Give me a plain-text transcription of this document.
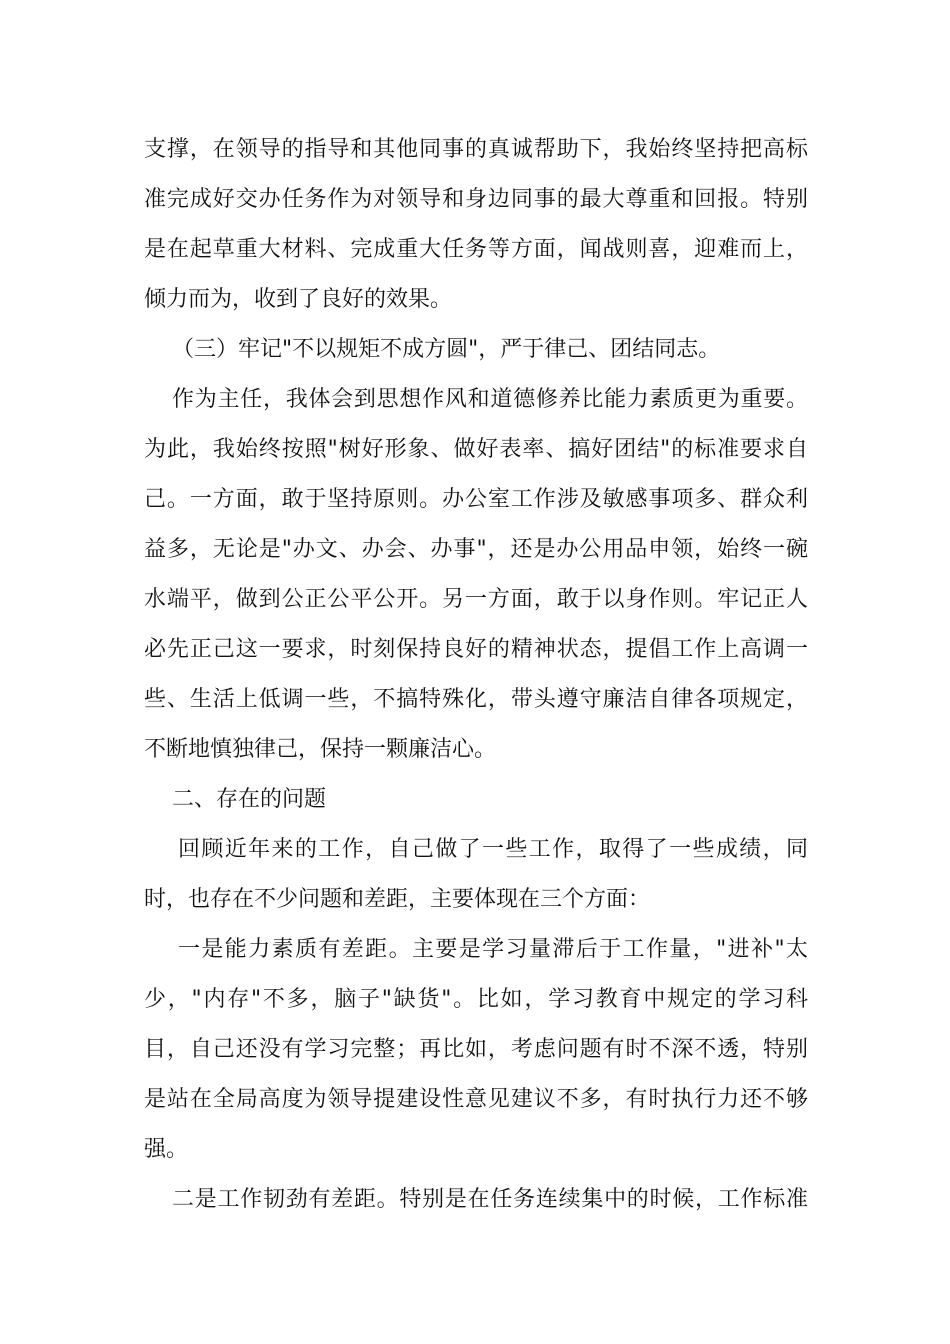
支撑，在领导的指导和其他同事的真诚帮助下，我始终坚持把高标
准完成好交办任务作为对领导和身边同事的最大尊重和回报。特别
是在起草重大材料、完成重大任务等方面，闻战则喜，迎难而上，
倾力而为，收到了良好的效果。
（三）牢记"不以规矩不成方圆"，严于律己、团结同志。
作为主任，我体会到思想作风和道德修养比能力素质更为重要。
为此，我始终按照"树好形象、做好表率、搞好团结"的标准要求自
己。一方面，敢于坚持原则。办公室工作涉及敏感事项多、群众利
益多，无论是"办文、办会、办事"，还是办公用品申领，始终一碗
水端平，做到公正公平公开。另一方面，敢于以身作则。牢记正人
必先正己这一要求，时刻保持良好的精神状态，提倡工作上高调一
些、生活上低调一些，不搞特殊化，带头遵守廉洁自律各项规定，
不断地慎独律己，保持一颗廉洁心。
二、存在的问题
回顾近年来的工作，自己做了一些工作，取得了一些成绩，同
时，也存在不少问题和差距，主要体现在三个方面：
一是能力素质有差距。主要是学习量滞后于工作量，"进补"太
少，"内存"不多，脑子"缺货"。比如，学习教育中规定的学习科
目，自己还没有学习完整；再比如，考虑问题有时不深不透，特别
是站在全局高度为领导提建设性意见建议不多，有时执行力还不够
强。
二是工作韧劲有差距。特别是在任务连续集中的时候，工作标准
